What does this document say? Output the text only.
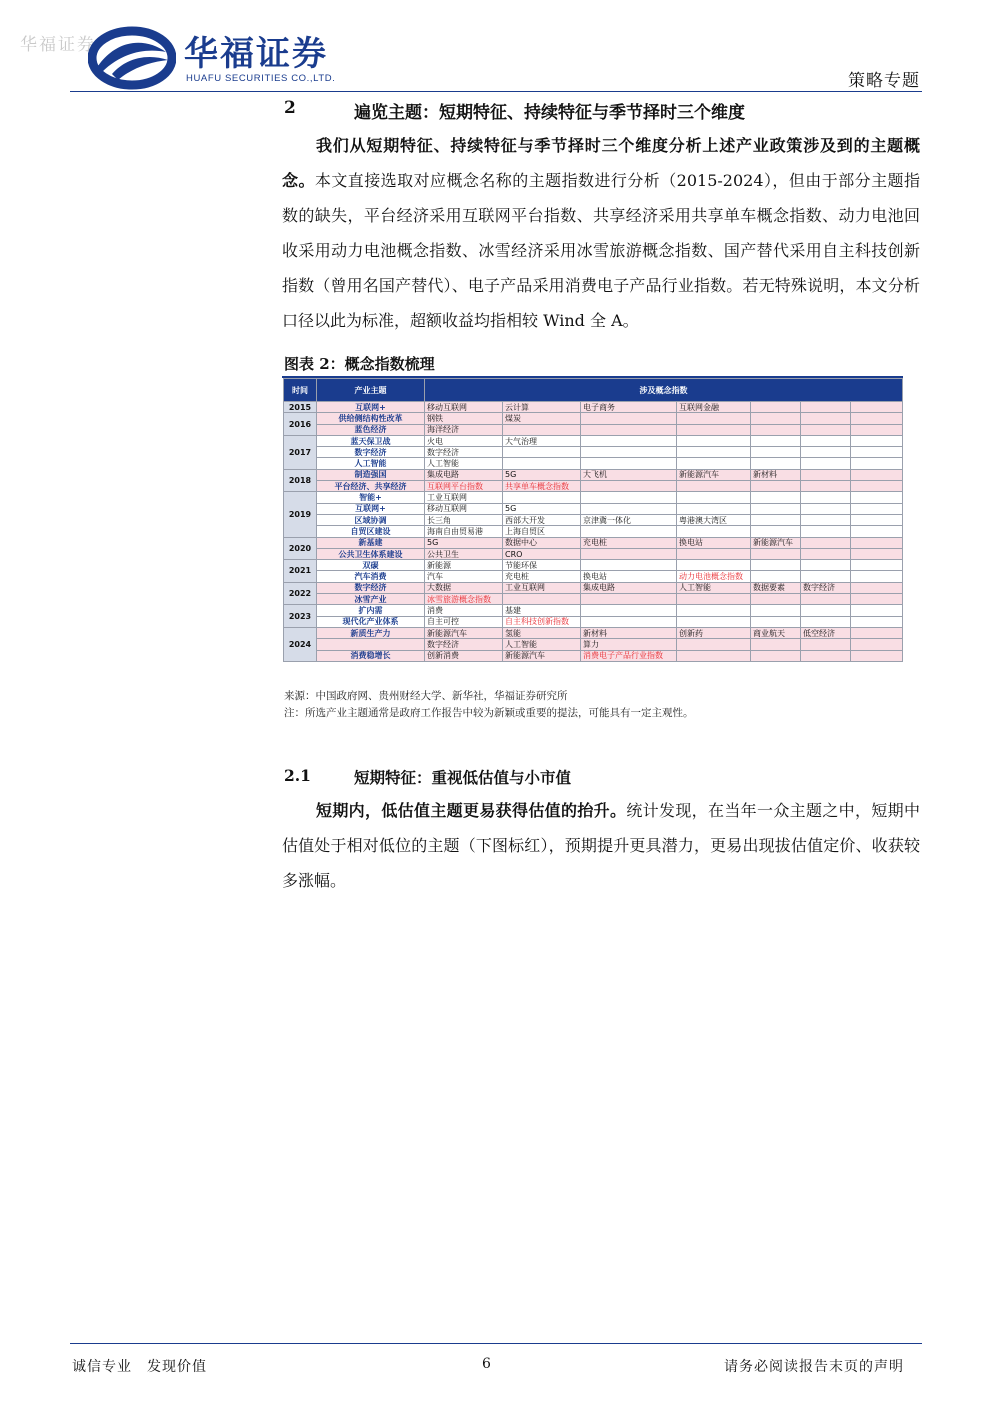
华福证券	华福证券
HUAFU SECURITIES CO.,LTD.	策略专题
2	遍览主题：短期特征、持续特征与季节择时三个维度
我们从短期特征、持续特征与季节择时三个维度分析上述产业政策涉及到的主题概念。本文直接选取对应概念名称的主题指数进行分析（2015-2024），但由于部分主题指数的缺失，平台经济采用互联网平台指数、共享经济采用共享单车概念指数、动力电池回收采用动力电池概念指数、冰雪经济采用冰雪旅游概念指数、国产替代采用自主科技创新指数（曾用名国产替代）、电子产品采用消费电子产品行业指数。若无特殊说明，本文分析口径以此为标准，超额收益均指相较 Wind 全 A。
图表 2：概念指数梳理
时间	产业主题	涉及概念指数						
2015	互联网+	移动互联网	云计算	电子商务	互联网金融			
2016	供给侧结构性改革	钢铁	煤炭					
	蓝色经济	海洋经济						
2017	蓝天保卫战	火电	大气治理					
	数字经济	数字经济						
	人工智能	人工智能						
2018	制造强国	集成电路	5G	大飞机	新能源汽车	新材料		
	平台经济、共享经济	互联网平台指数	共享单车概念指数					
2019	智能+	工业互联网						
	互联网+	移动互联网	5G					
	区域协调	长三角	西部大开发	京津冀一体化	粤港澳大湾区			
	自贸区建设	海南自由贸易港	上海自贸区					
2020	新基建	5G	数据中心	充电桩	换电站	新能源汽车		
	公共卫生体系建设	公共卫生	CRO					
2021	双碳	新能源	节能环保					
	汽车消费	汽车	充电桩	换电站	动力电池概念指数			
2022	数字经济	大数据	工业互联网	集成电路	人工智能	数据要素	数字经济	
	冰雪产业	冰雪旅游概念指数						
2023	扩内需	消费	基建					
	现代化产业体系	自主可控	自主科技创新指数					
2024	新质生产力	新能源汽车	氢能	新材料	创新药	商业航天	低空经济	
		数字经济	人工智能	算力				
	消费稳增长	创新消费	新能源汽车	消费电子产品行业指数				
来源：中国政府网、贵州财经大学、新华社，华福证券研究所
注：所选产业主题通常是政府工作报告中较为新颖或重要的提法，可能具有一定主观性。
2.1	短期特征：重视低估值与小市值
短期内，低估值主题更易获得估值的抬升。统计发现，在当年一众主题之中，短期中估值处于相对低位的主题（下图标红），预期提升更具潜力，更易出现拔估值定价、收获较多涨幅。
诚信专业　发现价值	6	请务必阅读报告末页的声明
